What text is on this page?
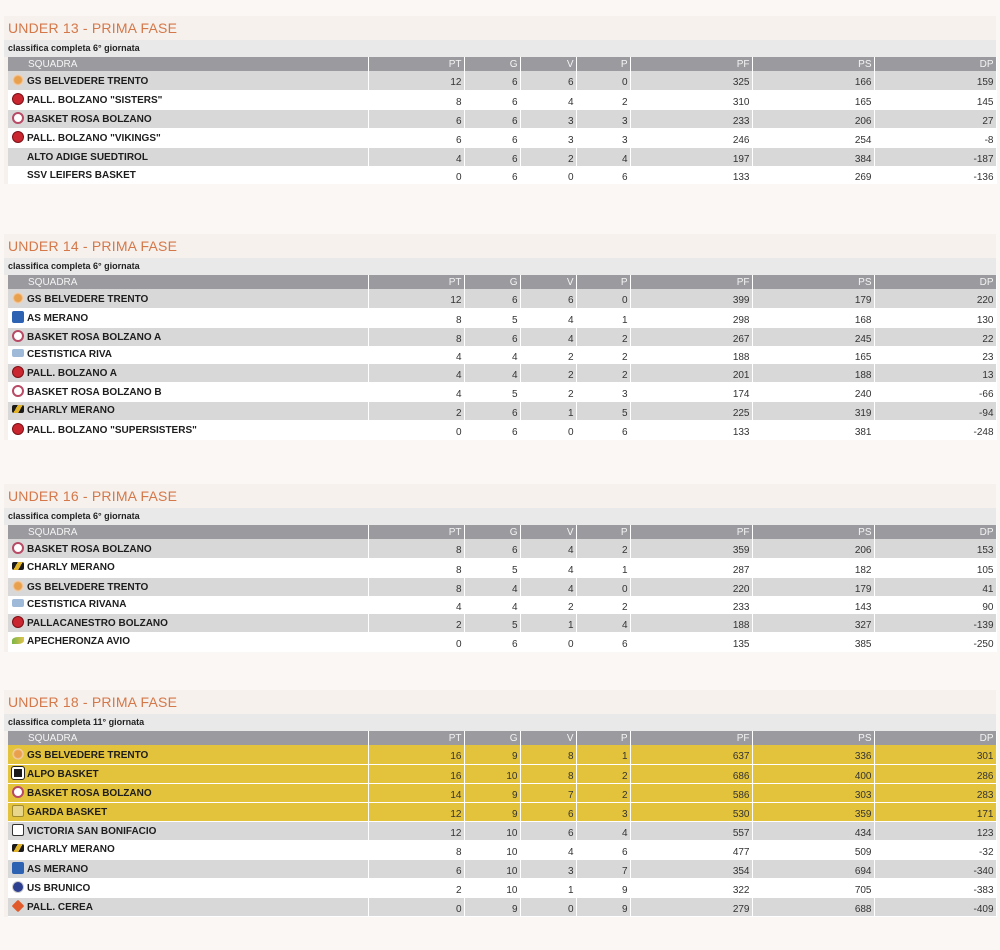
UNDER 13 - PRIMA FASE
classifica completa 6° giornata
SQUADRA	PT	G	V	P	PF	PS	DP
GS BELVEDERE TRENTO	12	6	6	0	325	166	159
PALL. BOLZANO "SISTERS"	8	6	4	2	310	165	145
BASKET ROSA BOLZANO	6	6	3	3	233	206	27
PALL. BOLZANO "VIKINGS"	6	6	3	3	246	254	-8
ALTO ADIGE SUEDTIROL	4	6	2	4	197	384	-187
SSV LEIFERS BASKET	0	6	0	6	133	269	-136
UNDER 14 - PRIMA FASE
classifica completa 6° giornata
SQUADRA	PT	G	V	P	PF	PS	DP
GS BELVEDERE TRENTO	12	6	6	0	399	179	220
AS MERANO	8	5	4	1	298	168	130
BASKET ROSA BOLZANO A	8	6	4	2	267	245	22
CESTISTICA RIVA	4	4	2	2	188	165	23
PALL. BOLZANO A	4	4	2	2	201	188	13
BASKET ROSA BOLZANO B	4	5	2	3	174	240	-66
CHARLY MERANO	2	6	1	5	225	319	-94
PALL. BOLZANO "SUPERSISTERS"	0	6	0	6	133	381	-248
UNDER 16 - PRIMA FASE
classifica completa 6° giornata
SQUADRA	PT	G	V	P	PF	PS	DP
BASKET ROSA BOLZANO	8	6	4	2	359	206	153
CHARLY MERANO	8	5	4	1	287	182	105
GS BELVEDERE TRENTO	8	4	4	0	220	179	41
CESTISTICA RIVANA	4	4	2	2	233	143	90
PALLACANESTRO BOLZANO	2	5	1	4	188	327	-139
APECHERONZA AVIO	0	6	0	6	135	385	-250
UNDER 18 - PRIMA FASE
classifica completa 11° giornata
SQUADRA	PT	G	V	P	PF	PS	DP
GS BELVEDERE TRENTO	16	9	8	1	637	336	301
ALPO BASKET	16	10	8	2	686	400	286
BASKET ROSA BOLZANO	14	9	7	2	586	303	283
GARDA BASKET	12	9	6	3	530	359	171
VICTORIA SAN BONIFACIO	12	10	6	4	557	434	123
CHARLY MERANO	8	10	4	6	477	509	-32
AS MERANO	6	10	3	7	354	694	-340
US BRUNICO	2	10	1	9	322	705	-383
PALL. CEREA	0	9	0	9	279	688	-409
